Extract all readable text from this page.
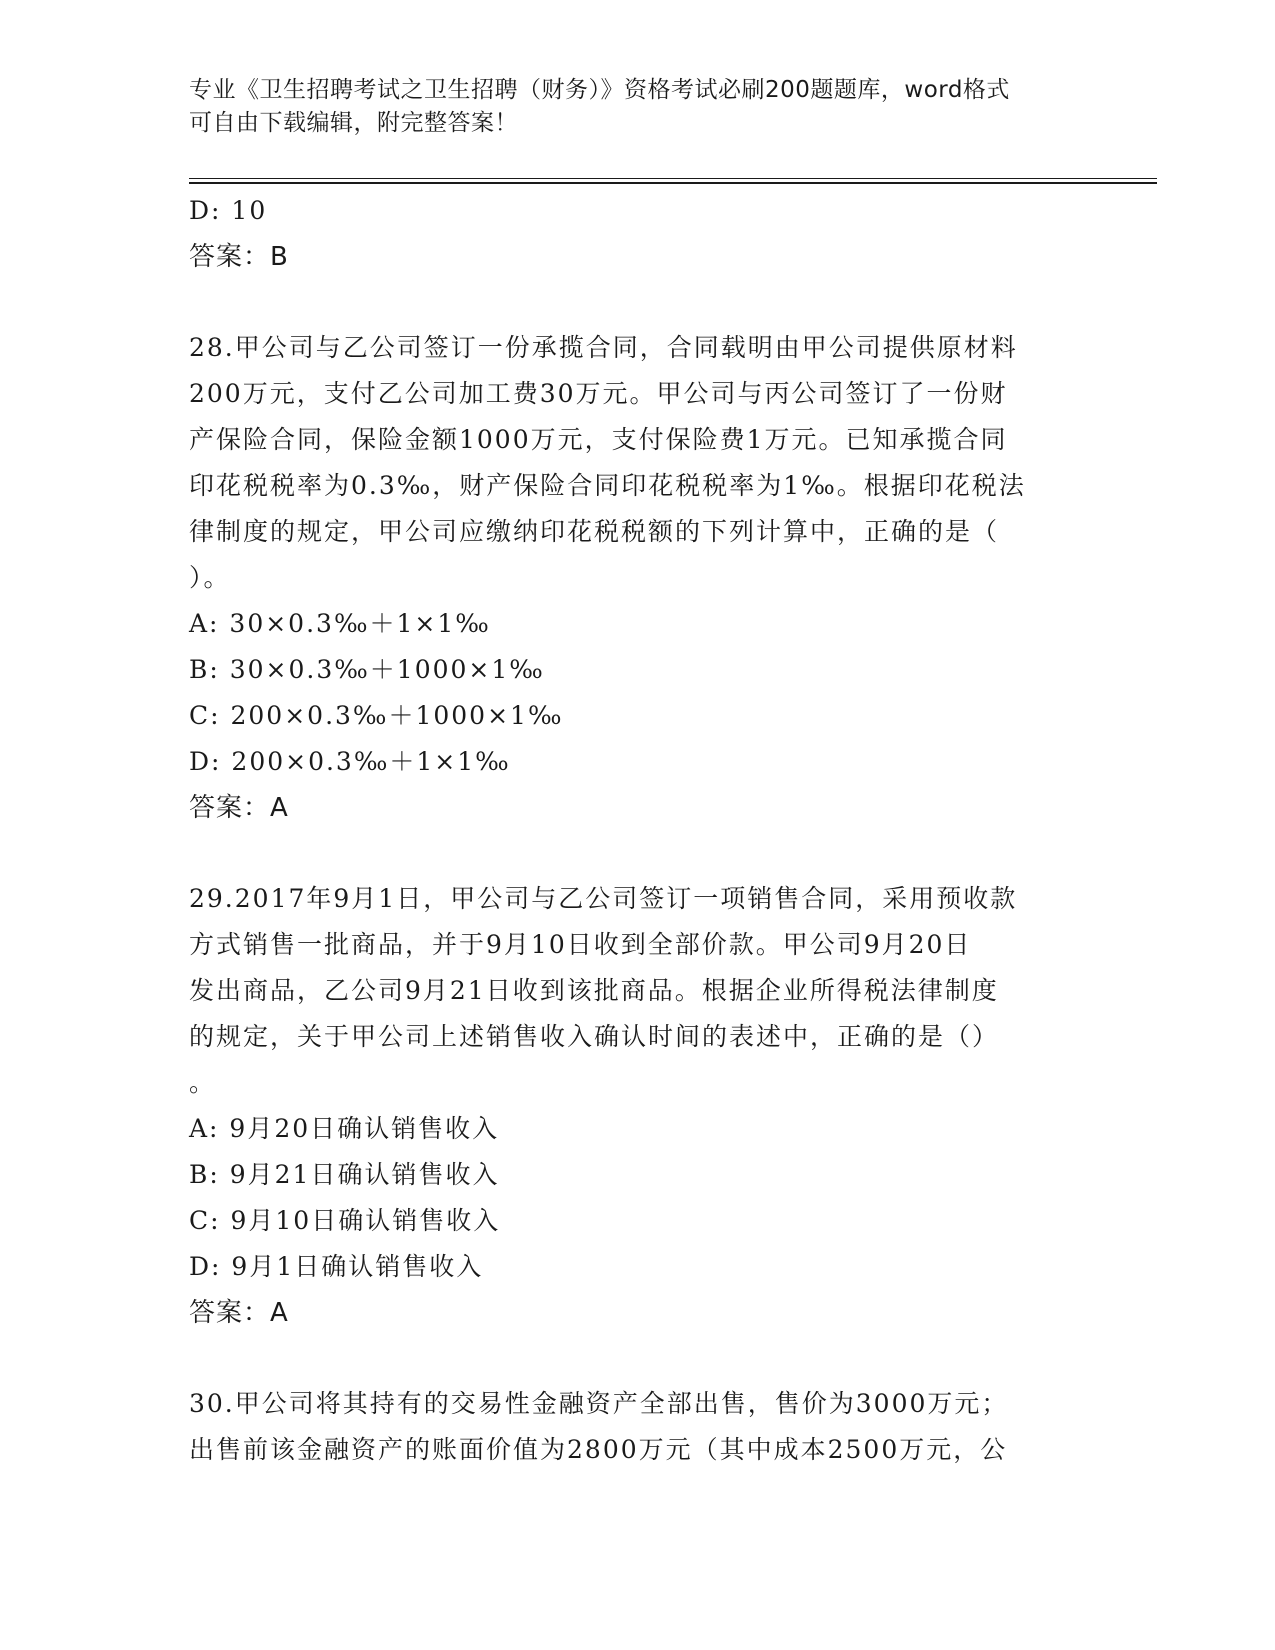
专业《卫生招聘考试之卫生招聘（财务）》资格考试必刷200题题库，word格式
可自由下载编辑，附完整答案！
D: 10
答案：B
28.甲公司与乙公司签订一份承揽合同，合同载明由甲公司提供原材料
200万元，支付乙公司加工费30万元。甲公司与丙公司签订了一份财
产保险合同，保险金额1000万元，支付保险费1万元。已知承揽合同
印花税税率为0.3‰，财产保险合同印花税税率为1‰。根据印花税法
律制度的规定，甲公司应缴纳印花税税额的下列计算中，正确的是（
）。
A: 30×0.3‰＋1×1‰
B: 30×0.3‰＋1000×1‰
C: 200×0.3‰＋1000×1‰
D: 200×0.3‰＋1×1‰
答案：A
29.2017年9月1日，甲公司与乙公司签订一项销售合同，采用预收款
方式销售一批商品，并于9月10日收到全部价款。甲公司9月20日
发出商品，乙公司9月21日收到该批商品。根据企业所得税法律制度
的规定，关于甲公司上述销售收入确认时间的表述中，正确的是（）
。
A: 9月20日确认销售收入
B: 9月21日确认销售收入
C: 9月10日确认销售收入
D: 9月1日确认销售收入
答案：A
30.甲公司将其持有的交易性金融资产全部出售，售价为3000万元；
出售前该金融资产的账面价值为2800万元（其中成本2500万元，公
